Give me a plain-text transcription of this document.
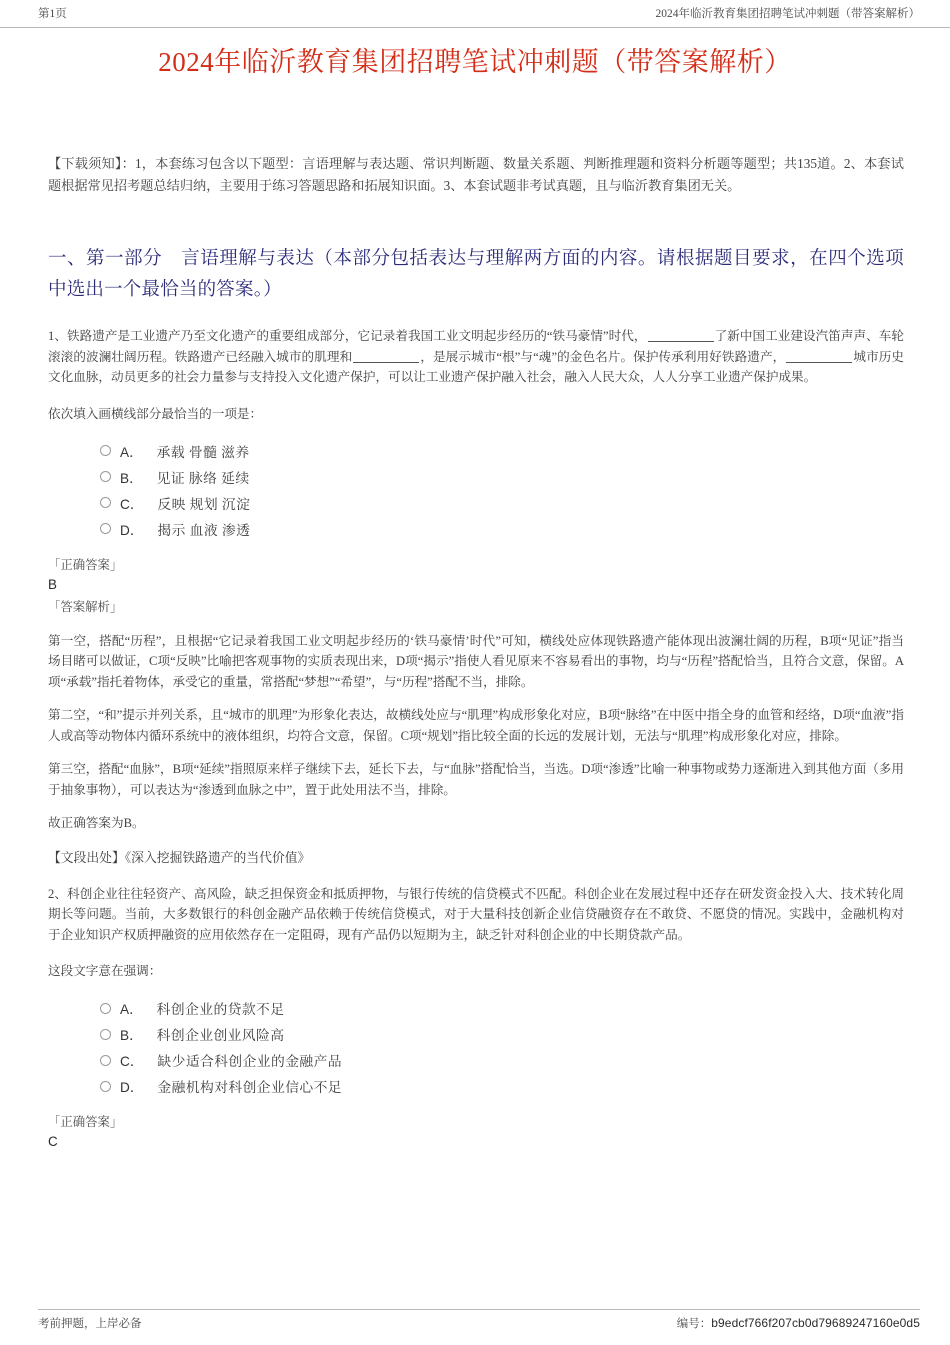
第1页	2024年临沂教育集团招聘笔试冲刺题（带答案解析）
2024年临沂教育集团招聘笔试冲刺题（带答案解析）

【下载须知】：1，本套练习包含以下题型：言语理解与表达题、常识判断题、数量关系题、判断推理题和资料分析题等题型；共135道。2、本套试题根据常见招考题总结归纳，主要用于练习答题思路和拓展知识面。3、本套试题非考试真题，且与临沂教育集团无关。

一、第一部分　言语理解与表达（本部分包括表达与理解两方面的内容。请根据题目要求，在四个选项中选出一个最恰当的答案。）

1、铁路遗产是工业遗产乃至文化遗产的重要组成部分，它记录着我国工业文明起步经历的“铁马豪情”时代，	了新中国工业建设汽笛声声、车轮滚滚的波澜壮阔历程。铁路遗产已经融入城市的肌理和	，是展示城市“根”与“魂”的金色名片。保护传承利用好铁路遗产，	城市历史文化血脉，动员更多的社会力量参与支持投入文化遗产保护，可以让工业遗产保护融入社会，融入人民大众，人人分享工业遗产保护成果。

依次填入画横线部分最恰当的一项是：

A． 承载 骨髓 滋养
B． 见证 脉络 延续
C． 反映 规划 沉淀
D． 揭示 血液 渗透

「正确答案」

B

「答案解析」

第一空，搭配“历程”，且根据“它记录着我国工业文明起步经历的‘铁马豪情’时代”可知，横线处应体现铁路遗产能体现出波澜壮阔的历程，B项“见证”指当场目睹可以做证，C项“反映”比喻把客观事物的实质表现出来，D项“揭示”指使人看见原来不容易看出的事物，均与“历程”搭配恰当，且符合文意，保留。A项“承载”指托着物体，承受它的重量，常搭配“梦想”“希望”，与“历程”搭配不当，排除。

第二空，“和”提示并列关系，且“城市的肌理”为形象化表达，故横线处应与“肌理”构成形象化对应，B项“脉络”在中医中指全身的血管和经络，D项“血液”指人或高等动物体内循环系统中的液体组织，均符合文意，保留。C项“规划”指比较全面的长远的发展计划，无法与“肌理”构成形象化对应，排除。

第三空，搭配“血脉”，B项“延续”指照原来样子继续下去，延长下去，与“血脉”搭配恰当，当选。D项“渗透”比喻一种事物或势力逐渐进入到其他方面（多用于抽象事物），可以表达为“渗透到血脉之中”，置于此处用法不当，排除。

故正确答案为B。

【文段出处】《深入挖掘铁路遗产的当代价值》

2、科创企业往往轻资产、高风险，缺乏担保资金和抵质押物，与银行传统的信贷模式不匹配。科创企业在发展过程中还存在研发资金投入大、技术转化周期长等问题。当前，大多数银行的科创金融产品依赖于传统信贷模式，对于大量科技创新企业信贷融资存在不敢贷、不愿贷的情况。实践中，金融机构对于企业知识产权质押融资的应用依然存在一定阻碍，现有产品仍以短期为主，缺乏针对科创企业的中长期贷款产品。

这段文字意在强调：

A． 科创企业的贷款不足
B． 科创企业创业风险高
C． 缺少适合科创企业的金融产品
D． 金融机构对科创企业信心不足

「正确答案」

C

考前押题，上岸必备	编号：b9edcf766f207cb0d79689247160e0d5
